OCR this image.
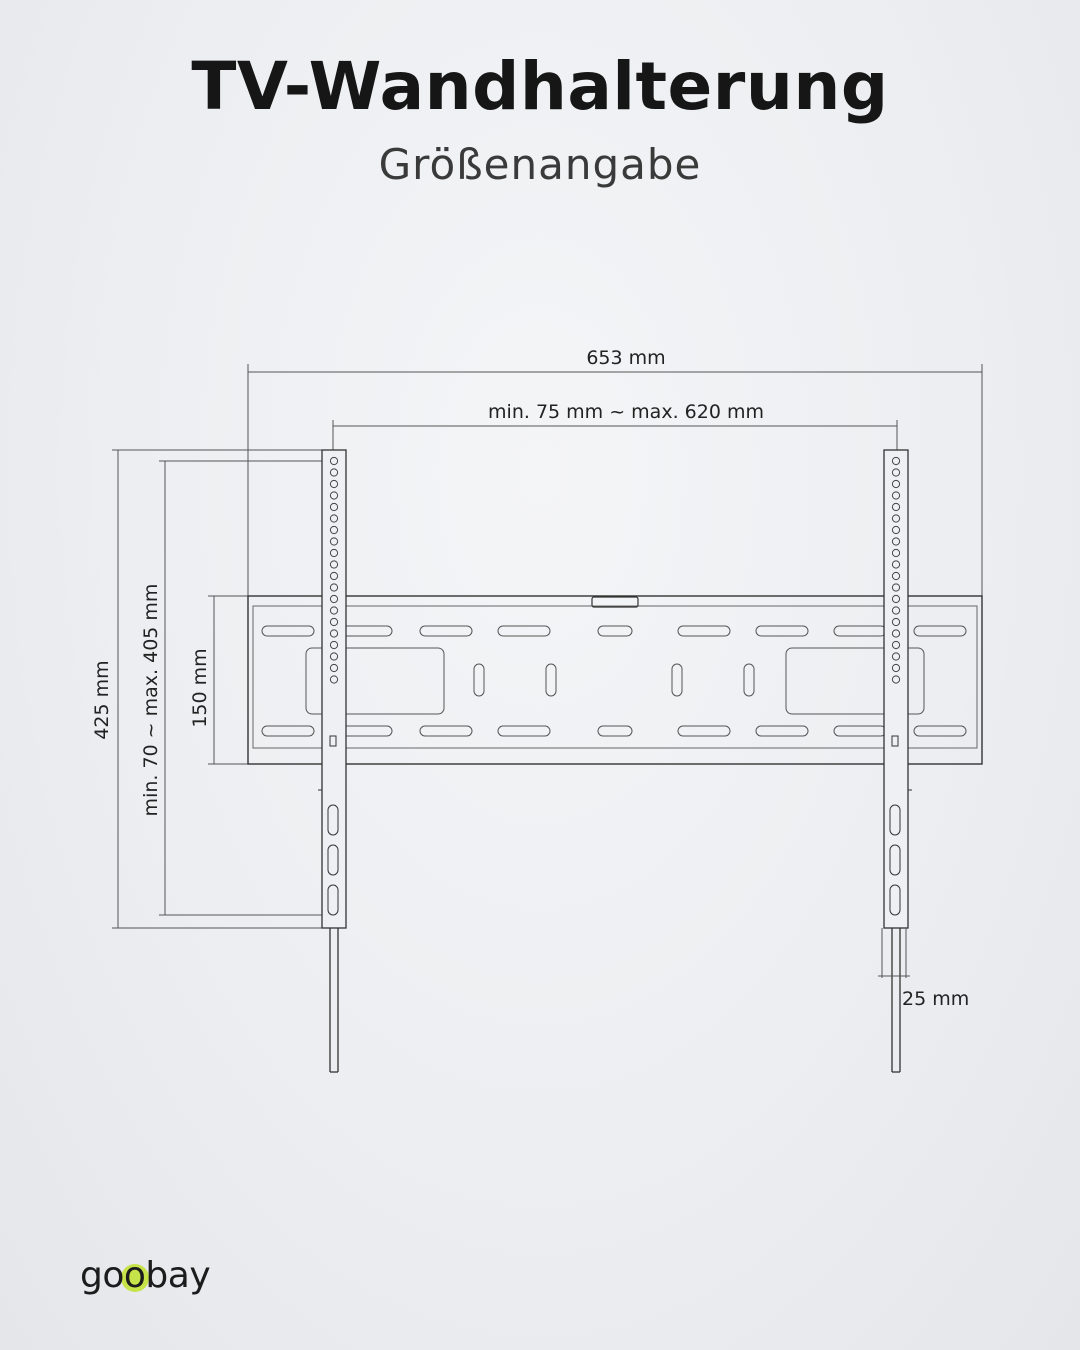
TV-Wandhalterung
Größenangabe
653 mm
min. 75 mm ~ max. 620 mm
425 mm min. 70 ~ max. 405 mm 150 mm
25 mm
goobay
